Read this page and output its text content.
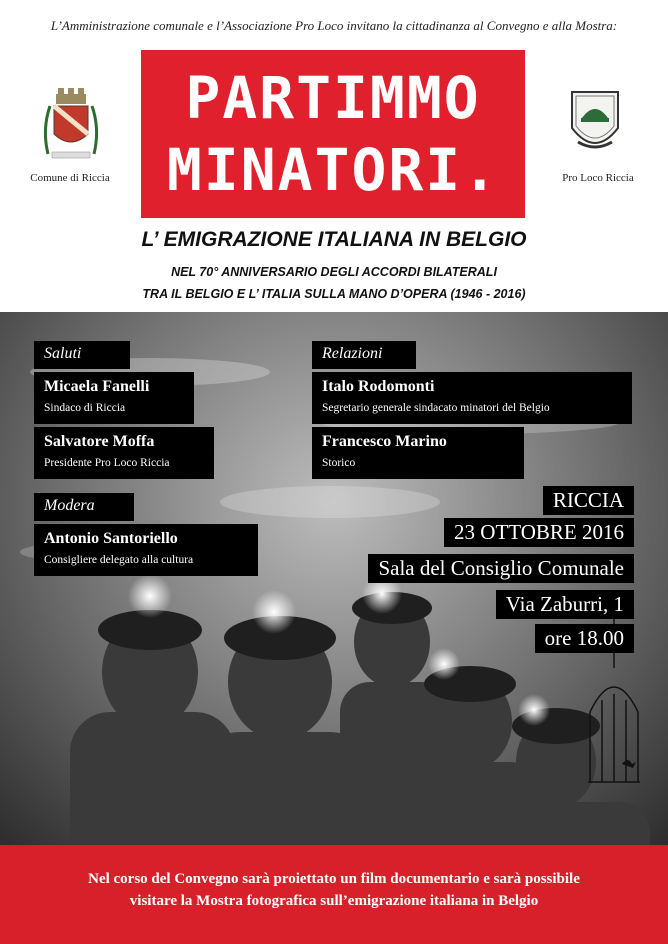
L’Amministrazione comunale e l’Associazione Pro Loco invitano la cittadinanza al Convegno e alla Mostra:
Comune di Riccia	Pro Loco Riccia
PARTIMMO
MINATORI.
L’ EMIGRAZIONE ITALIANA IN BELGIO
NEL 70° ANNIVERSARIO DEGLI ACCORDI BILATERALI
TRA IL BELGIO E L’ ITALIA SULLA MANO D’OPERA (1946 - 2016)
Saluti
Micaela Fanelli
Sindaco di Riccia
Salvatore Moffa
Presidente Pro Loco Riccia
Modera
Antonio Santoriello
Consigliere delegato alla cultura
Relazioni
Italo Rodomonti
Segretario generale sindacato minatori del Belgio
Francesco Marino
Storico
RICCIA
23 OTTOBRE 2016
Sala del Consiglio Comunale
Via Zaburri, 1
ore 18.00
Nel corso del Convegno sarà proiettato un film documentario e sarà possibile
visitare la Mostra fotografica sull’emigrazione italiana in Belgio
